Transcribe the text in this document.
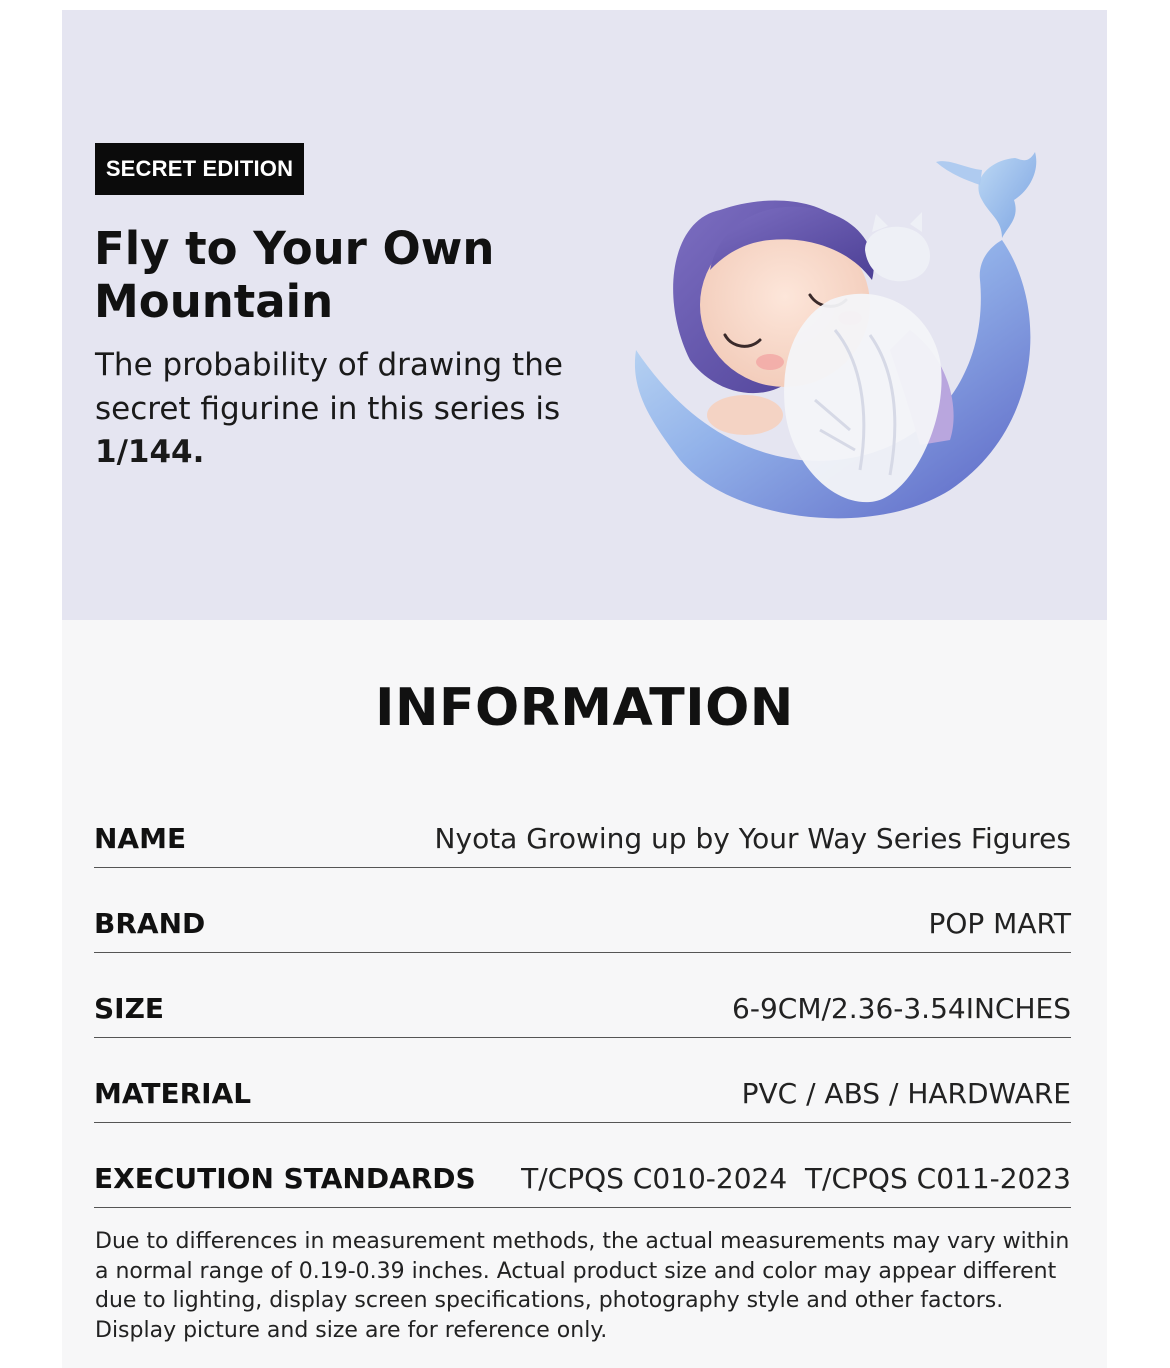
SECRET EDITION
Fly to Your Own Mountain
The probability of drawing the secret figurine in this series is
1/144.
INFORMATION
NAME	Nyota Growing up by Your Way Series Figures
BRAND	POP MART
SIZE	6-9CM/2.36-3.54INCHES
MATERIAL	PVC / ABS / HARDWARE
EXECUTION STANDARDS T/CPQS C010-2024  T/CPQS C011-2023

Due to differences in measurement methods, the actual measurements may vary within a normal range of 0.19-0.39 inches. Actual product size and color may appear different due to lighting, display screen specifications, photography style and other factors. Display picture and size are for reference only.
